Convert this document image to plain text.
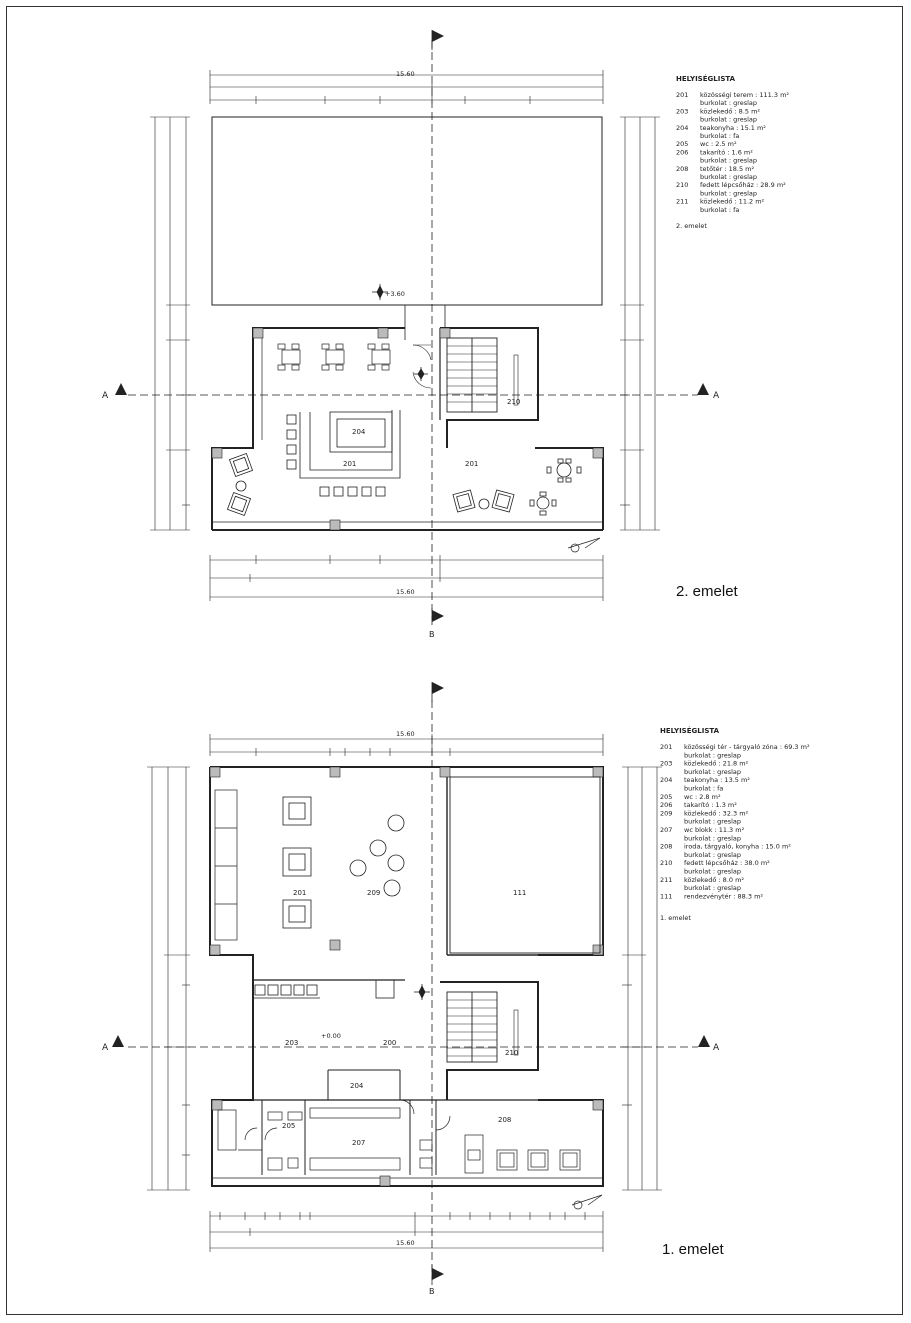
A	A
B
A	A
B
201
204
201
210
+3.60
15.60
15.60	2. emelet
HELYISÉGLISTA
201 közösségi terem : 111.3 m²
burkolat : greslap
203 közlekedő : 8.5 m²
burkolat : greslap
204 teakonyha : 15.1 m²
burkolat : fa
205 wc : 2.5 m²
206 takarító : 1.6 m²
burkolat : greslap
208 tetőtér : 18.5 m²
burkolat : greslap
210 fedett lépcsőház : 28.9 m²
burkolat : greslap
211 közlekedő : 11.2 m²
burkolat : fa
2. emelet
201	209	111
203	200
204
205
207
208
210
+0.00
15.60
15.60	1. emelet
HELYISÉGLISTA
201 közösségi tér - tárgyaló zóna : 69.3 m²
burkolat : greslap
203 közlekedő : 21.8 m²
burkolat : greslap
204 teakonyha : 13.5 m²
burkolat : fa
205 wc : 2.8 m²
206 takarító : 1.3 m²
209 közlekedő : 32.3 m²
burkolat : greslap
207 wc blokk : 11.3 m²
burkolat : greslap
208 iroda, tárgyaló, konyha : 15.0 m²
burkolat : greslap
210 fedett lépcsőház : 38.0 m²
burkolat : greslap
211 közlekedő : 8.0 m²
burkolat : greslap
111 rendezvénytér : 88.3 m²
1. emelet
